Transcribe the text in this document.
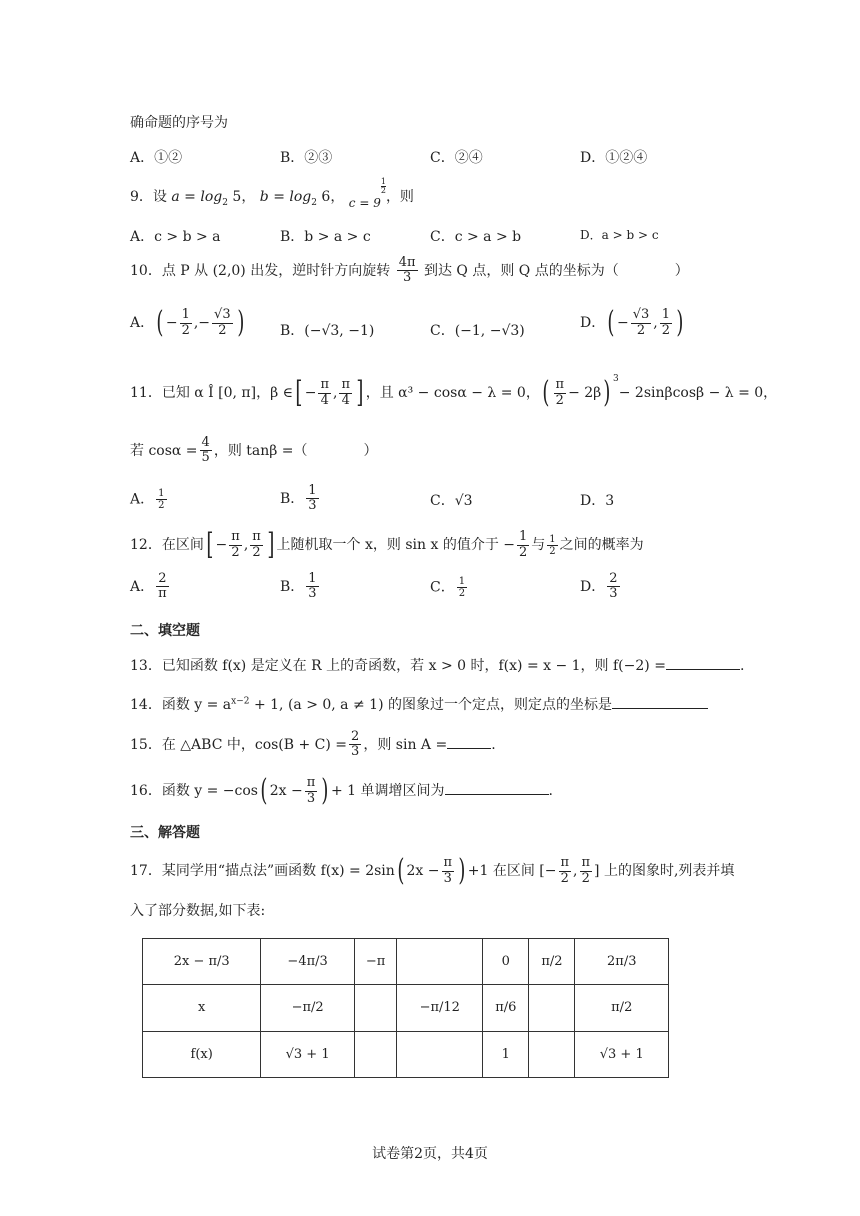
确命题的序号为
A．①②	B．②③	C．②④	D．①②④
9．设 $a = \log_2 5$， $b = \log_2 6$， c = 9
$\frac{1}{2}$
，则
A．c > b > a	B．b > a > c	C．c > a > b	D．a > b > c
10．点 P 从 (2,0) 出发，逆时针方向旋转 $\frac{4\pi}{3}$ 到达 Q 点，则 Q 点的坐标为（　　　　）
A．( − $\frac{1}{2}$ ,− $\frac{√3}{2}$ )	B．(−√3, −1)	C．(−1, −√3)	D．( − $\frac{√3}{2}$ , $\frac{1}{2}$ )
11．已知 α Î [0, π]，β ∈[ − $\frac{\pi}{4}$ , $\frac{\pi}{4}$ ] ，且 α³ − cosα − λ = 0，( $\frac{\pi}{2} - 2\beta$) $^3$− 2sinβcosβ − λ = 0，
若 $\cos\alpha = \frac{4}{5}$ ，则 tanβ =（　　　　）
A． $\frac{1}{2}$	B． $\frac{1}{3}$	C．√3	D．3
12．在区间[ − $\frac{\pi}{2}$ , $\frac{\pi}{2}$ ] 上随机取一个 x，则 sin x 的值介于 − $\frac{1}{2}$ 与 $\frac{1}{2}$ 之间的概率为
A． $\frac{2}{\pi}$	B． $\frac{1}{3}$	C． $\frac{1}{2}$	D． $\frac{2}{3}$
二、填空题
13．已知函数 f(x) 是定义在 R 上的奇函数，若 x > 0 时，f(x) = x − 1，则 f(−2) =	.
14．函数 $y = a^{x-2} + 1$, (a > 0, a ≠ 1) 的图象过一个定点，则定点的坐标是
15．在 △ABC 中，$\cos(B + C) = \frac{2}{3}$ ，则 sin A =	.
16．函数 y = −cos( $2x - \frac{\pi}{3}$ ) + 1 单调增区间为	.
三、解答题
17．某同学用“描点法”画函数 f(x) = 2sin( $2x - \frac{\pi}{3}$ ) +1 在区间 [− $\frac{\pi}{2}$ , $\frac{\pi}{2}$ ] 上的图象时,列表并填
入了部分数据,如下表:
2x − π/3	−4π/3	−π		0	π/2	2π/3
x	−π/2		−π/12	π/6		π/2
f(x)	√3 + 1			1		√3 + 1
试卷第2页，共4页
